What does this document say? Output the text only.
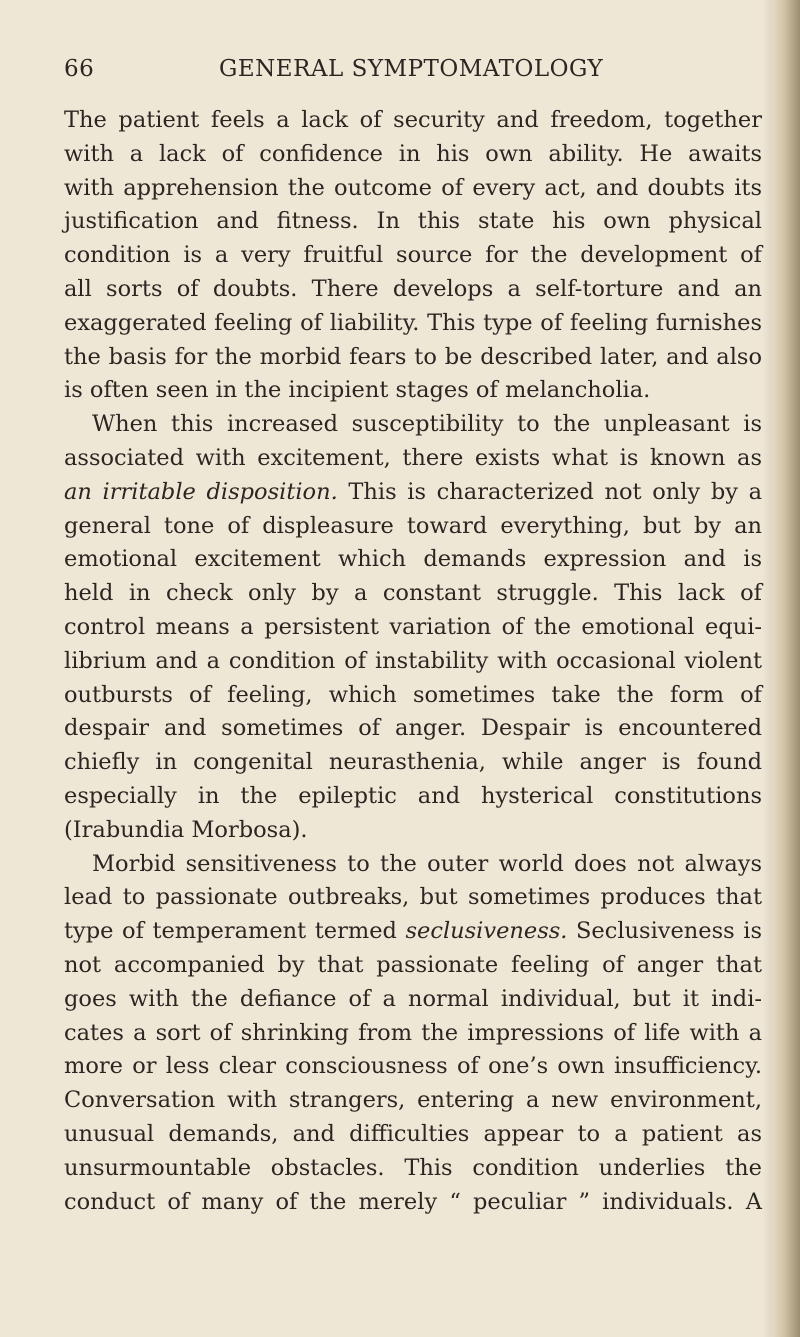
66	GENERAL SYMPTOMATOLOGY
The patient feels a lack of security and freedom, together
with a lack of confidence in his own ability. He awaits
with apprehension the outcome of every act, and doubts its
justification and fitness. In this state his own physical
condition is a very fruitful source for the development of
all sorts of doubts. There develops a self-torture and an
exaggerated feeling of liability. This type of feeling furnishes
the basis for the morbid fears to be described later, and also
is often seen in the incipient stages of melancholia.
When this increased susceptibility to the unpleasant is
associated with excitement, there exists what is known as
an irritable disposition. This is characterized not only by a
general tone of displeasure toward everything, but by an
emotional excitement which demands expression and is
held in check only by a constant struggle. This lack of
control means a persistent variation of the emotional equi-
librium and a condition of instability with occasional violent
outbursts of feeling, which sometimes take the form of
despair and sometimes of anger. Despair is encountered
chiefly in congenital neurasthenia, while anger is found
especially in the epileptic and hysterical constitutions
(Irabundia Morbosa).
Morbid sensitiveness to the outer world does not always
lead to passionate outbreaks, but sometimes produces that
type of temperament termed seclusiveness. Seclusiveness is
not accompanied by that passionate feeling of anger that
goes with the defiance of a normal individual, but it indi-
cates a sort of shrinking from the impressions of life with a
more or less clear consciousness of one’s own insufficiency.
Conversation with strangers, entering a new environment,
unusual demands, and difficulties appear to a patient as
unsurmountable obstacles. This condition underlies the
conduct of many of the merely “ peculiar ” individuals. A
